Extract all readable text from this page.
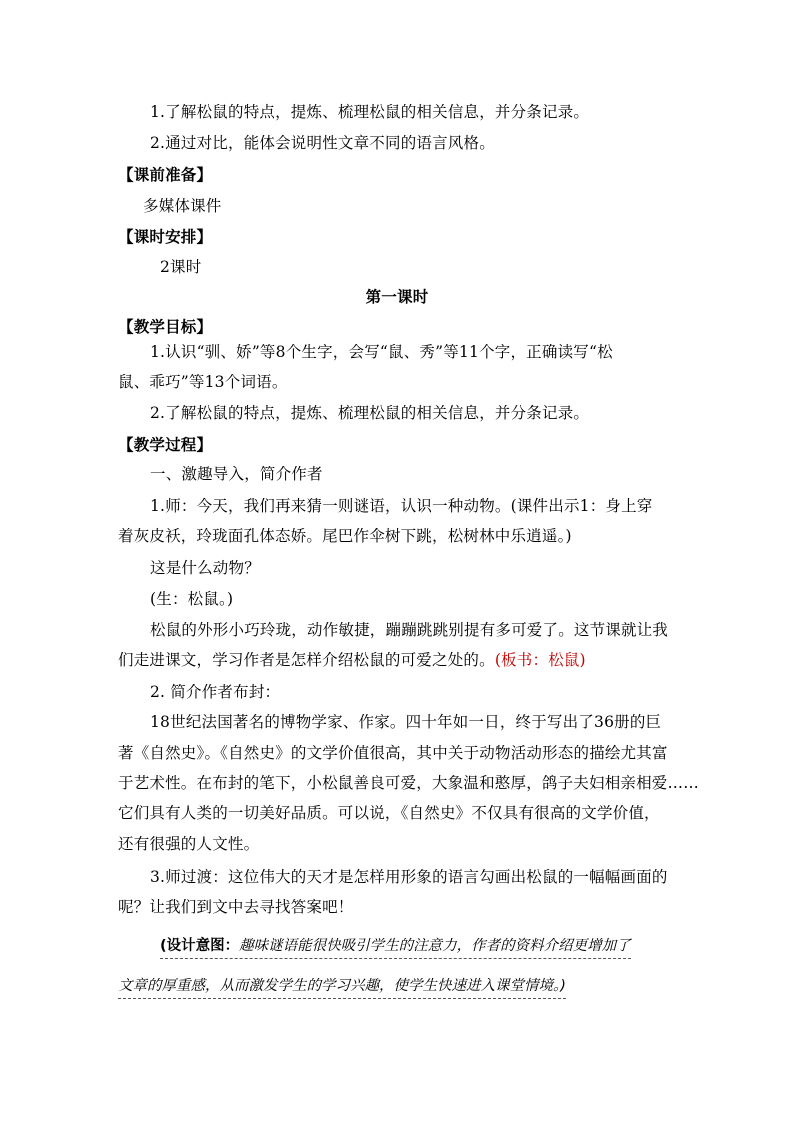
1.了解松鼠的特点，提炼、梳理松鼠的相关信息，并分条记录。
2.通过对比，能体会说明性文章不同的语言风格。
【课前准备】
多媒体课件
【课时安排】
2课时
第一课时
【教学目标】
1.认识“驯、娇”等8个生字，会写“鼠、秀”等11个字，正确读写“松
鼠、乖巧”等13个词语。
2.了解松鼠的特点，提炼、梳理松鼠的相关信息，并分条记录。
【教学过程】
一、激趣导入，简介作者
1.师：今天，我们再来猜一则谜语，认识一种动物。(课件出示1：身上穿
着灰皮袄，玲珑面孔体态娇。尾巴作伞树下跳，松树林中乐逍遥。)
这是什么动物？
(生：松鼠。)
松鼠的外形小巧玲珑，动作敏捷，蹦蹦跳跳别提有多可爱了。这节课就让我
们走进课文，学习作者是怎样介绍松鼠的可爱之处的。(板书：松鼠)
2. 简介作者布封：
18世纪法国著名的博物学家、作家。四十年如一日，终于写出了36册的巨
著《自然史》。《自然史》的文学价值很高，其中关于动物活动形态的描绘尤其富
于艺术性。在布封的笔下，小松鼠善良可爱，大象温和憨厚，鸽子夫妇相亲相爱……
它们具有人类的一切美好品质。可以说，《自然史》不仅具有很高的文学价值，
还有很强的人文性。
3.师过渡：这位伟大的天才是怎样用形象的语言勾画出松鼠的一幅幅画面的
呢？让我们到文中去寻找答案吧！
(设计意图：趣味谜语能很快吸引学生的注意力，作者的资料介绍更增加了
文章的厚重感，从而激发学生的学习兴趣，使学生快速进入课堂情境。)
